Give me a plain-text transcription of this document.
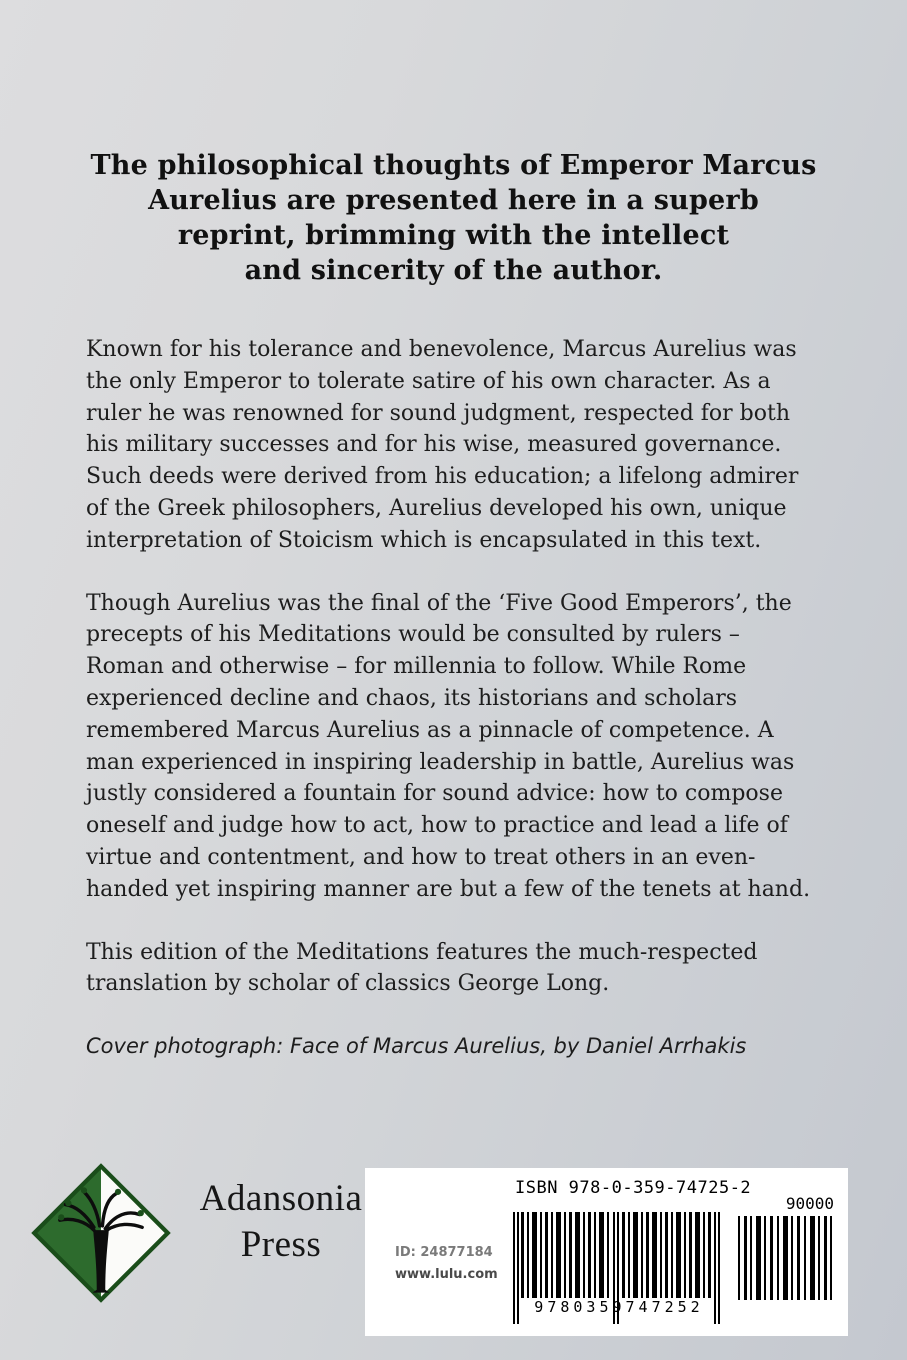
The philosophical thoughts of Emperor Marcus
Aurelius are presented here in a superb
reprint, brimming with the intellect
and sincerity of the author.

Known for his tolerance and benevolence, Marcus Aurelius was the only Emperor to tolerate satire of his own character. As a ruler he was renowned for sound judgment, respected for both his military successes and for his wise, measured governance. Such deeds were derived from his education; a lifelong admirer of the Greek philosophers, Aurelius developed his own, unique interpretation of Stoicism which is encapsulated in this text.

Though Aurelius was the final of the ‘Five Good Emperors’, the precepts of his Meditations would be consulted by rulers – Roman and otherwise – for millennia to follow. While Rome experienced decline and chaos, its historians and scholars remembered Marcus Aurelius as a pinnacle of competence. A man experienced in inspiring leadership in battle, Aurelius was justly considered a fountain for sound advice: how to compose oneself and judge how to act, how to practice and lead a life of virtue and contentment, and how to treat others in an even-handed yet inspiring manner are but a few of the tenets at hand.

This edition of the Meditations features the much-respected translation by scholar of classics George Long.

Cover photograph: Face of Marcus Aurelius, by Daniel Arrhakis

Adansonia
Press
ISBN 978-0-359-74725-2
90000
ID: 24877184
www.lulu.com
9780359747252
